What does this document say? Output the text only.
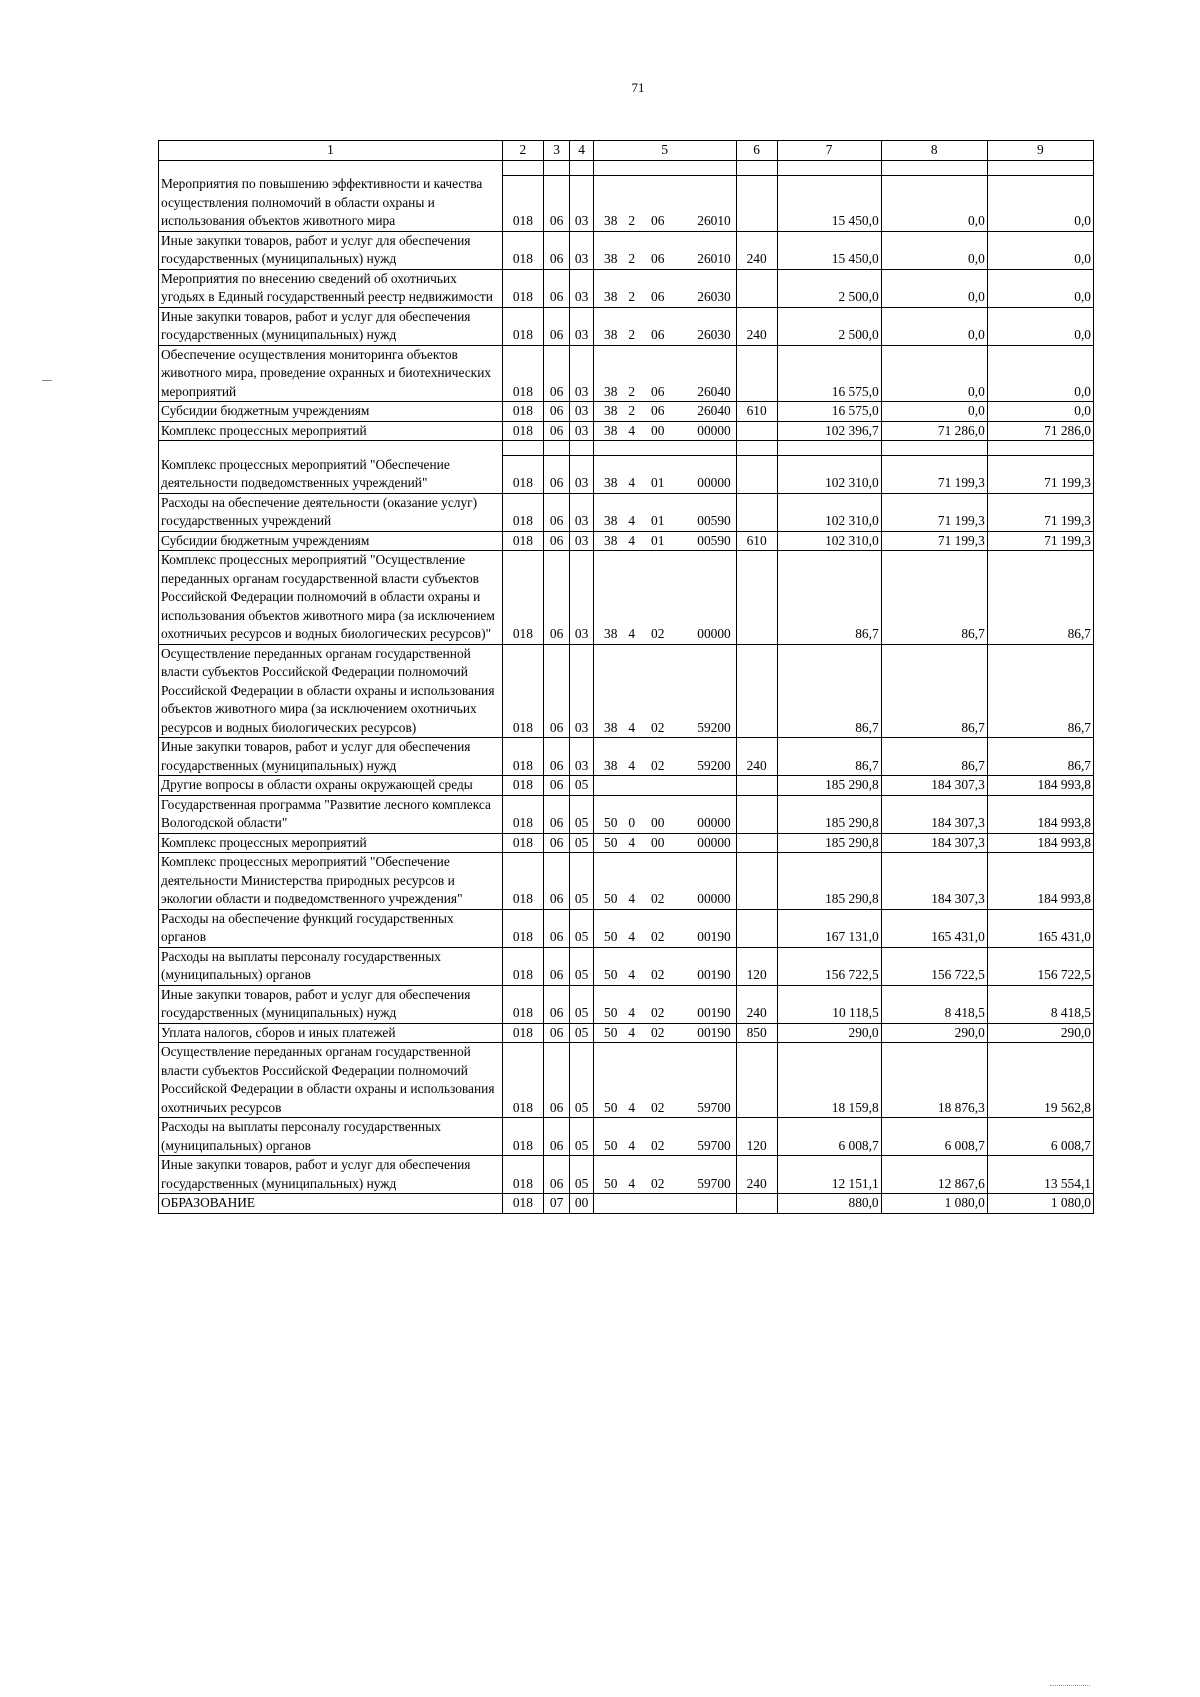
71
1	2	3	4	5	6	7	8	9

Мероприятия по повышению эффективности и качества осуществления полномочий в области охраны и использования объектов животного мира	018	06	03	38 2 06 26010		15 450,0	0,0	0,0
Иные закупки товаров, работ и услуг для обеспечения государственных (муниципальных) нужд	018	06	03	38 2 06 26010	240	15 450,0	0,0	0,0
Мероприятия по внесению сведений об охотничьих угодьях в Единый государственный реестр недвижимости	018	06	03	38 2 06 26030		2 500,0	0,0	0,0
Иные закупки товаров, работ и услуг для обеспечения государственных (муниципальных) нужд	018	06	03	38 2 06 26030	240	2 500,0	0,0	0,0
Обеспечение осуществления мониторинга объектов животного мира, проведение охранных и биотехнических мероприятий	018	06	03	38 2 06 26040		16 575,0	0,0	0,0
Субсидии бюджетным учреждениям	018	06	03	38 2 06 26040	610	16 575,0	0,0	0,0
Комплекс процессных мероприятий	018	06	03	38 4 00 00000		102 396,7	71 286,0	71 286,0

Комплекс процессных мероприятий "Обеспечение деятельности подведомственных учреждений"	018	06	03	38 4 01 00000		102 310,0	71 199,3	71 199,3
Расходы на обеспечение деятельности (оказание услуг) государственных учреждений	018	06	03	38 4 01 00590		102 310,0	71 199,3	71 199,3
Субсидии бюджетным учреждениям	018	06	03	38 4 01 00590	610	102 310,0	71 199,3	71 199,3
Комплекс процессных мероприятий "Осуществление переданных органам государственной власти субъектов Российской Федерации полномочий в области охраны и использования объектов животного мира (за исключением охотничьих ресурсов и водных биологических ресурсов)"	018	06	03	38 4 02 00000		86,7	86,7	86,7
Осуществление переданных органам государственной власти субъектов Российской Федерации полномочий Российской Федерации в области охраны и использования объектов животного мира (за исключением охотничьих ресурсов и водных биологических ресурсов)	018	06	03	38 4 02 59200		86,7	86,7	86,7
Иные закупки товаров, работ и услуг для обеспечения государственных (муниципальных) нужд	018	06	03	38 4 02 59200	240	86,7	86,7	86,7
Другие вопросы в области охраны окружающей среды	018	06	05			185 290,8	184 307,3	184 993,8
Государственная программа "Развитие лесного комплекса Вологодской области"	018	06	05	50 0 00 00000		185 290,8	184 307,3	184 993,8
Комплекс процессных мероприятий	018	06	05	50 4 00 00000		185 290,8	184 307,3	184 993,8
Комплекс процессных мероприятий "Обеспечение деятельности Министерства природных ресурсов и экологии области и подведомственного учреждения"	018	06	05	50 4 02 00000		185 290,8	184 307,3	184 993,8
Расходы на обеспечение функций государственных органов	018	06	05	50 4 02 00190		167 131,0	165 431,0	165 431,0
Расходы на выплаты персоналу государственных (муниципальных) органов	018	06	05	50 4 02 00190	120	156 722,5	156 722,5	156 722,5
Иные закупки товаров, работ и услуг для обеспечения государственных (муниципальных) нужд	018	06	05	50 4 02 00190	240	10 118,5	8 418,5	8 418,5
Уплата налогов, сборов и иных платежей	018	06	05	50 4 02 00190	850	290,0	290,0	290,0
Осуществление переданных органам государственной власти субъектов Российской Федерации полномочий Российской Федерации в области охраны и использования охотничьих ресурсов	018	06	05	50 4 02 59700		18 159,8	18 876,3	19 562,8
Расходы на выплаты персоналу государственных (муниципальных) органов	018	06	05	50 4 02 59700	120	6 008,7	6 008,7	6 008,7
Иные закупки товаров, работ и услуг для обеспечения государственных (муниципальных) нужд	018	06	05	50 4 02 59700	240	12 151,1	12 867,6	13 554,1
ОБРАЗОВАНИЕ	018	07	00			880,0	1 080,0	1 080,0
